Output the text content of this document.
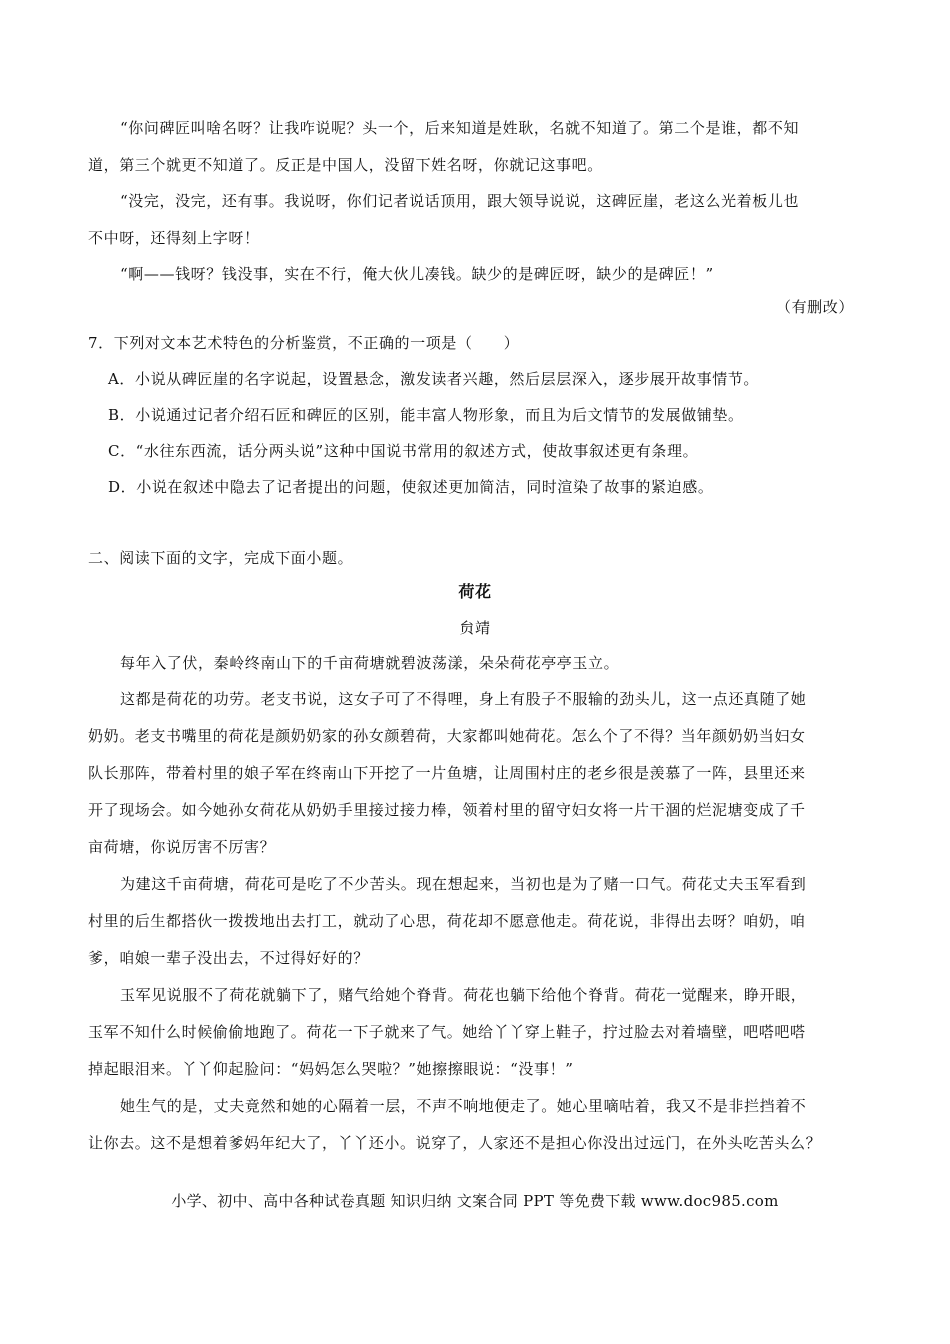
“你问碑匠叫啥名呀？让我咋说呢？头一个，后来知道是姓耿，名就不知道了。第二个是谁，都不知
道，第三个就更不知道了。反正是中国人，没留下姓名呀，你就记这事吧。
“没完，没完，还有事。我说呀，你们记者说话顶用，跟大领导说说，这碑匠崖，老这么光着板儿也
不中呀，还得刻上字呀！
“啊——钱呀？钱没事，实在不行，俺大伙儿凑钱。缺少的是碑匠呀，缺少的是碑匠！”
（有删改）
7．下列对文本艺术特色的分析鉴赏，不正确的一项是（　　）
A．小说从碑匠崖的名字说起，设置悬念，激发读者兴趣，然后层层深入，逐步展开故事情节。
B．小说通过记者介绍石匠和碑匠的区别，能丰富人物形象，而且为后文情节的发展做铺垫。
C．“水往东西流，话分两头说”这种中国说书常用的叙述方式，使故事叙述更有条理。
D．小说在叙述中隐去了记者提出的问题，使叙述更加简洁，同时渲染了故事的紧迫感。
二、阅读下面的文字，完成下面小题。
荷花
贠靖
每年入了伏，秦岭终南山下的千亩荷塘就碧波荡漾，朵朵荷花亭亭玉立。
这都是荷花的功劳。老支书说，这女子可了不得哩，身上有股子不服输的劲头儿，这一点还真随了她
奶奶。老支书嘴里的荷花是颜奶奶家的孙女颜碧荷，大家都叫她荷花。怎么个了不得？当年颜奶奶当妇女
队长那阵，带着村里的娘子军在终南山下开挖了一片鱼塘，让周围村庄的老乡很是羡慕了一阵，县里还来
开了现场会。如今她孙女荷花从奶奶手里接过接力棒，领着村里的留守妇女将一片干涸的烂泥塘变成了千
亩荷塘，你说厉害不厉害？
为建这千亩荷塘，荷花可是吃了不少苦头。现在想起来，当初也是为了赌一口气。荷花丈夫玉军看到
村里的后生都搭伙一拨拨地出去打工，就动了心思，荷花却不愿意他走。荷花说，非得出去呀？咱奶，咱
爹，咱娘一辈子没出去，不过得好好的？
玉军见说服不了荷花就躺下了，赌气给她个脊背。荷花也躺下给他个脊背。荷花一觉醒来，睁开眼，
玉军不知什么时候偷偷地跑了。荷花一下子就来了气。她给丫丫穿上鞋子，拧过脸去对着墙壁，吧嗒吧嗒
掉起眼泪来。丫丫仰起脸问：“妈妈怎么哭啦？”她擦擦眼说：“没事！”
她生气的是，丈夫竟然和她的心隔着一层，不声不响地便走了。她心里嘀咕着，我又不是非拦挡着不
让你去。这不是想着爹妈年纪大了，丫丫还小。说穿了，人家还不是担心你没出过远门，在外头吃苦头么？
小学、初中、高中各种试卷真题 知识归纳 文案合同 PPT 等免费下载 www.doc985.com
